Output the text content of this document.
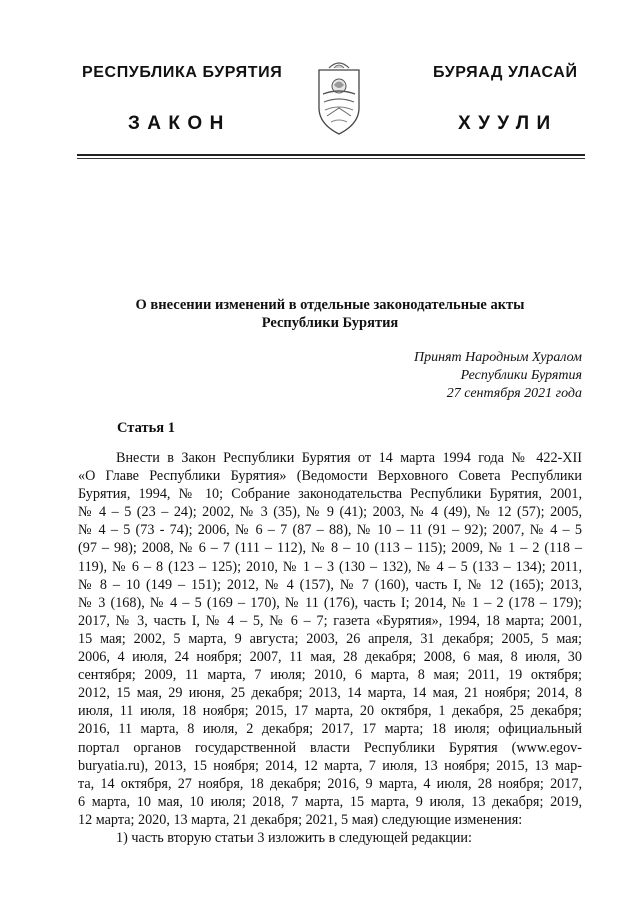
РЕСПУБЛИКА БУРЯТИЯ	БУРЯАД УЛАСАЙ
ЗАКОН	ХУУЛИ
О внесении изменений в отдельные законодательные акты
Республики Бурятия
Принят Народным Хуралом
Республики Бурятия
27 сентября 2021 года
Статья 1
Внести в Закон Республики Бурятия от 14 марта 1994 года № 422-XII
«О Главе Республики Бурятия» (Ведомости Верховного Совета Республики
Бурятия, 1994, № 10; Собрание законодательства Республики Бурятия, 2001,
№ 4 – 5 (23 – 24); 2002, № 3 (35), № 9 (41); 2003, № 4 (49), № 12 (57); 2005,
№ 4 – 5 (73 - 74); 2006, № 6 – 7 (87 – 88), № 10 – 11 (91 – 92); 2007, № 4 – 5
(97 – 98); 2008, № 6 – 7 (111 – 112), № 8 – 10 (113 – 115); 2009, № 1 – 2 (118 –
119), № 6 – 8 (123 – 125); 2010, № 1 – 3 (130 – 132), № 4 – 5 (133 – 134); 2011,
№ 8 – 10 (149 – 151); 2012, № 4 (157), № 7 (160), часть I, № 12 (165); 2013,
№ 3 (168), № 4 – 5 (169 – 170), № 11 (176), часть I; 2014, № 1 – 2 (178 – 179);
2017, № 3, часть I, № 4 – 5, № 6 – 7; газета «Бурятия», 1994, 18 марта; 2001,
15 мая; 2002, 5 марта, 9 августа; 2003, 26 апреля, 31 декабря; 2005, 5 мая;
2006, 4 июля, 24 ноября; 2007, 11 мая, 28 декабря; 2008, 6 мая, 8 июля, 30
сентября; 2009, 11 марта, 7 июля; 2010, 6 марта, 8 мая; 2011, 19 октября;
2012, 15 мая, 29 июня, 25 декабря; 2013, 14 марта, 14 мая, 21 ноября; 2014, 8
июля, 11 июля, 18 ноября; 2015, 17 марта, 20 октября, 1 декабря, 25 декабря;
2016, 11 марта, 8 июля, 2 декабря; 2017, 17 марта; 18 июля; официальный
портал органов государственной власти Республики Бурятия (www.egov-
buryatia.ru), 2013, 15 ноября; 2014, 12 марта, 7 июля, 13 ноября; 2015, 13 мар-
та, 14 октября, 27 ноября, 18 декабря; 2016, 9 марта, 4 июля, 28 ноября; 2017,
6 марта, 10 мая, 10 июля; 2018, 7 марта, 15 марта, 9 июля, 13 декабря; 2019,
12 марта; 2020, 13 марта, 21 декабря; 2021, 5 мая) следующие изменения:
1) часть вторую статьи 3 изложить в следующей редакции:
